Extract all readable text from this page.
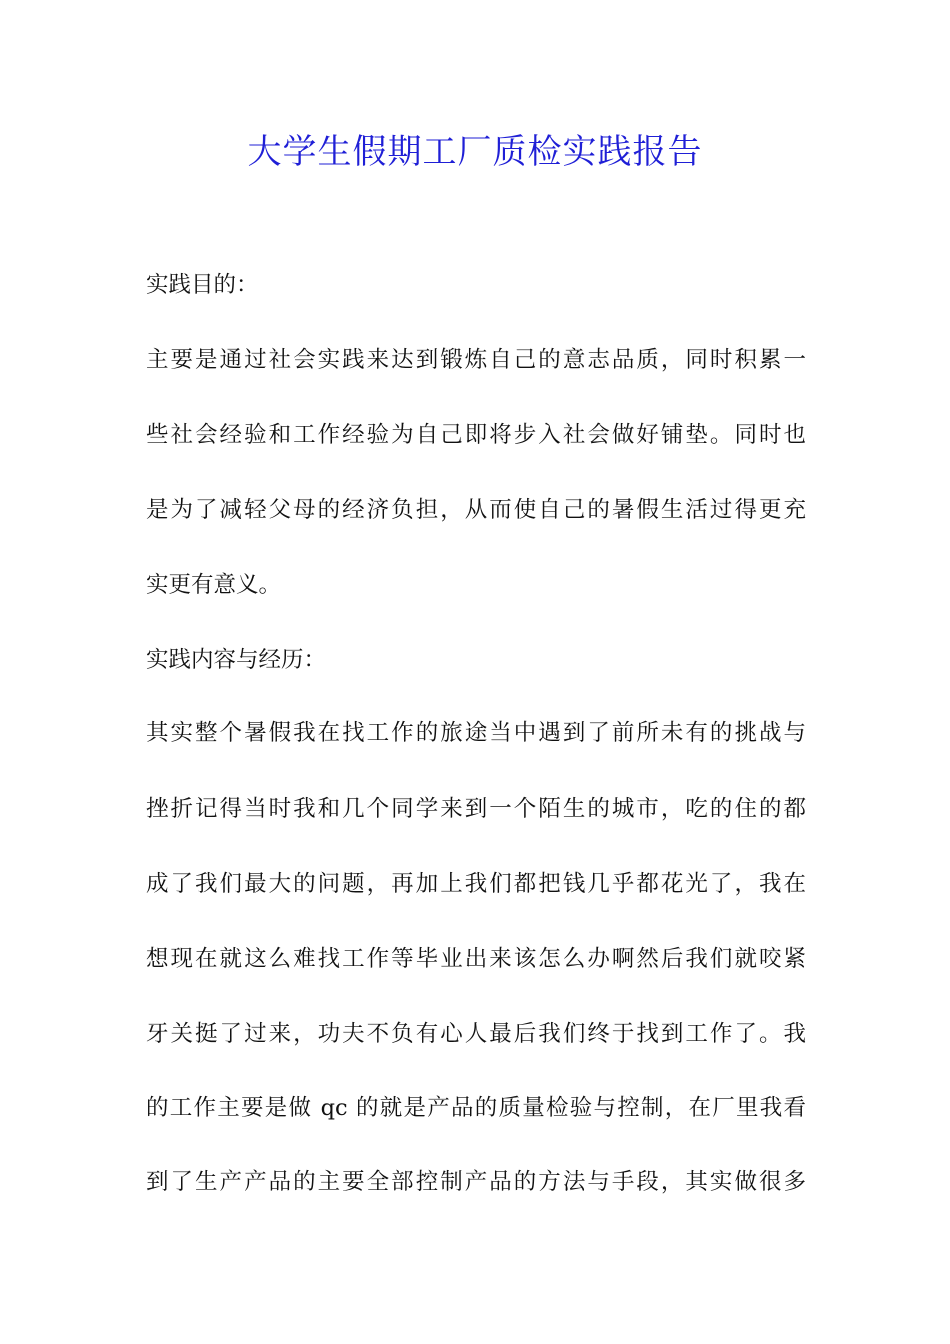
大学生假期工厂质检实践报告
实践目的：
主要是通过社会实践来达到锻炼自己的意志品质，同时积累一
些社会经验和工作经验为自己即将步入社会做好铺垫。同时也
是为了减轻父母的经济负担，从而使自己的暑假生活过得更充
实更有意义。
实践内容与经历：
其实整个暑假我在找工作的旅途当中遇到了前所未有的挑战与
挫折记得当时我和几个同学来到一个陌生的城市，吃的住的都
成了我们最大的问题，再加上我们都把钱几乎都花光了，我在
想现在就这么难找工作等毕业出来该怎么办啊然后我们就咬紧
牙关挺了过来，功夫不负有心人最后我们终于找到工作了。我
的工作主要是做 qc 的就是产品的质量检验与控制，在厂里我看
到了生产产品的主要全部控制产品的方法与手段，其实做很多
